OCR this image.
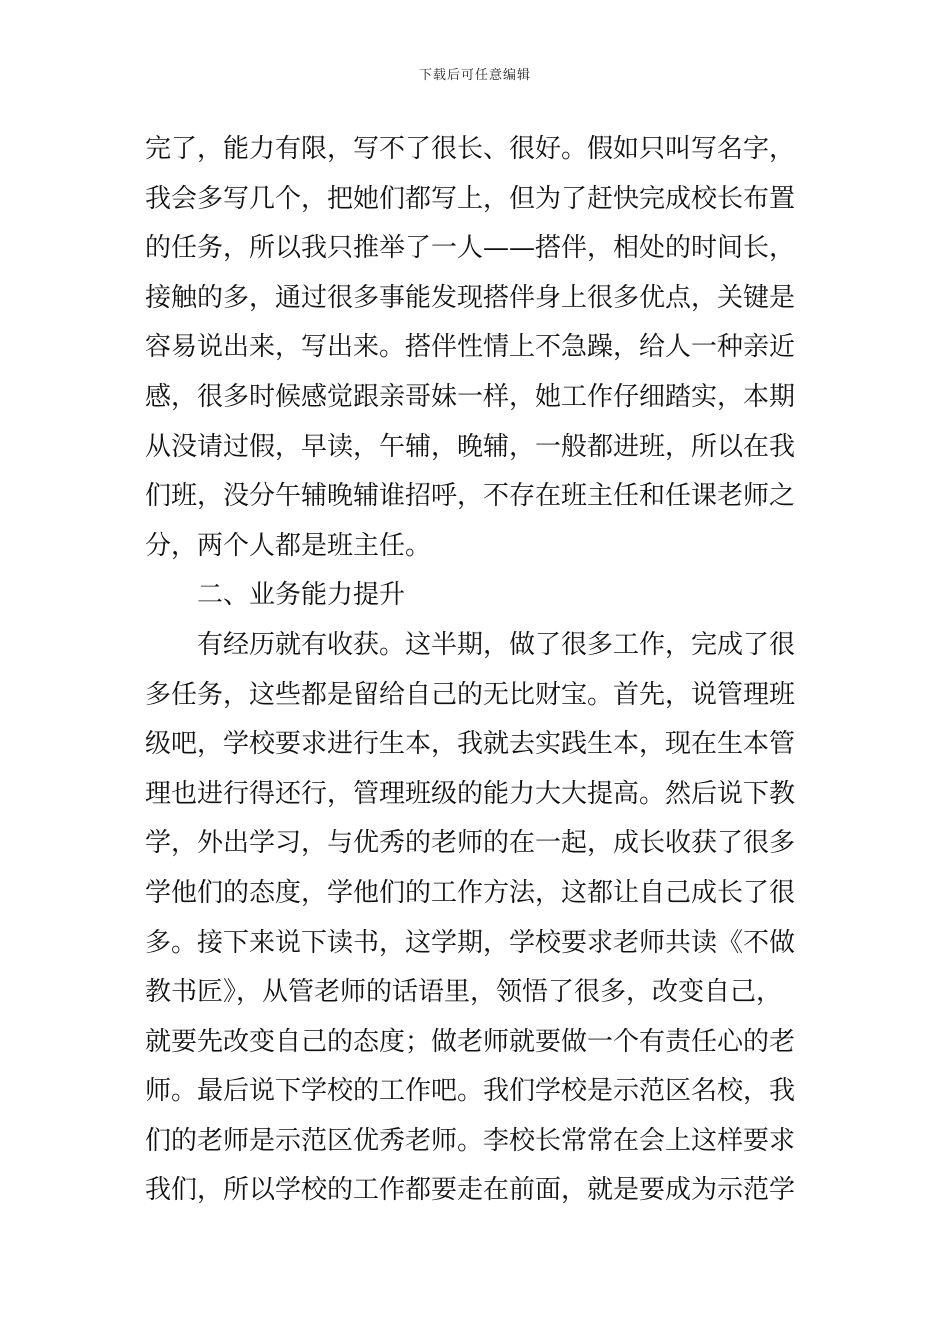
下载后可任意编辑
完了，能力有限，写不了很长、很好。假如只叫写名字，
我会多写几个，把她们都写上，但为了赶快完成校长布置
的任务，所以我只推举了一人——搭伴，相处的时间长，
接触的多，通过很多事能发现搭伴身上很多优点，关键是
容易说出来，写出来。搭伴性情上不急躁，给人一种亲近
感，很多时候感觉跟亲哥妹一样，她工作仔细踏实，本期
从没请过假，早读，午辅，晚辅，一般都进班，所以在我
们班，没分午辅晚辅谁招呼，不存在班主任和任课老师之
分，两个人都是班主任。
二、业务能力提升
有经历就有收获。这半期，做了很多工作，完成了很
多任务，这些都是留给自己的无比财宝。首先，说管理班
级吧，学校要求进行生本，我就去实践生本，现在生本管
理也进行得还行，管理班级的能力大大提高。然后说下教
学，外出学习，与优秀的老师的在一起，成长收获了很多
学他们的态度，学他们的工作方法，这都让自己成长了很
多。接下来说下读书，这学期，学校要求老师共读《不做
教书匠》，从管老师的话语里，领悟了很多，改变自己，
就要先改变自己的态度；做老师就要做一个有责任心的老
师。最后说下学校的工作吧。我们学校是示范区名校，我
们的老师是示范区优秀老师。李校长常常在会上这样要求
我们，所以学校的工作都要走在前面，就是要成为示范学
